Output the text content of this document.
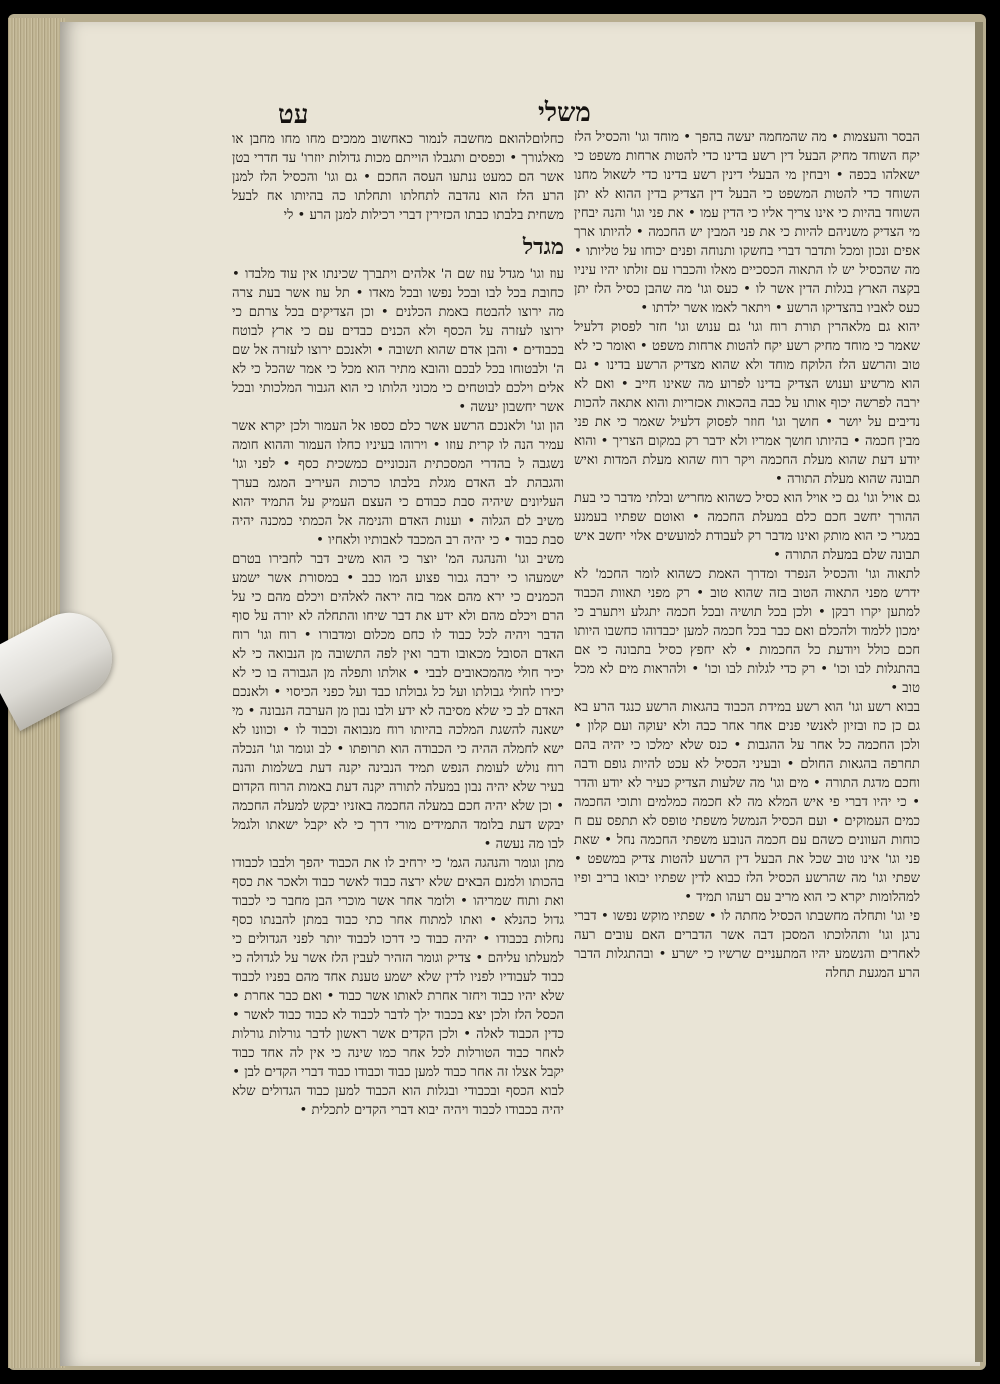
משלי
עט

הבסר והעצמות • מה שהמחמה יעשה בהפך • מוחד וגו' והכסיל הלז יקח השוחד מחיק הבעל דין רשע בדינו כדי להטות ארחות משפט כי ישאלהו בכפה • ויבחין מי הבעלי דינין רשע בדינו כדי לשאול מחנו השוחד כדי להטות המשפט כי הבעל דין הצדיק בדין ההוא לא יתן השוחד בהיות כי אינו צריך אליו כי הדין עמו • את פני וגו' והנה יבחין מי הצדיק משניהם להיות כי את פני המבין יש החכמה • להיותו ארך אפים ונכון ומכל ותדבר דברי בחשקו ותנוחה ופנים יכוחו על טליותו • מה שהכסיל יש לו התאוה הכסכיים מאלו והכברו עם זולתו יהיו עיניו בקצה הארץ בגלות הדין אשר לו • כעס וגו' מה שהבן כסיל הלז יתן כעס לאביו בהצדיקו הרשע • ויתאר לאמו אשר ילדתו •

יהוא גם מלאהרין תורת רוח וגו' גם ענוש וגו' חזר לפסוק דלעיל שאמר כי מוחד מחיק רשע יקח להטות ארחות משפט • ואומר כי לא טוב והרשע הלז הלוקח מוחד ולא שהוא מצדיק הרשע בדינו • גם הוא מרשיע וענוש הצדיק בדינו לפרוע מה שאינו חייב • ואם לא ירבה לפרשה יכוף אותו על כבה בהכאות אכזריות והוא אתאה להכות נדיבים על יושר • חושך וגו' חוזר לפסוק דלעיל שאמר כי את פני מבין חכמה • בהיותו חושך אמריו ולא ידבר רק במקום הצריך • והוא יודע דעת שהוא מעלת החכמה ויקר רוח שהוא מעלת המדות ואיש תבונה שהוא מעלת התורה •

גם אויל וגו' גם כי אויל הוא כסיל כשהוא מחריש ובלתי מדבר כי בעת ההורך יחשב חכם כלם במעלת החכמה • ואוטם שפתיו בעמנע במגרי כי הוא מותק ואינו מדבר רק לעבודת למועשים אלוי יחשב איש תבונה שלם במעלת התורה •

לתאוה וגו' והכסיל הנפרד ומדרך האמת כשהוא לומר החכמ' לא ידרש מפני התאוה הטוב בזה שהוא טוב • רק מפני תאוות הכבוד למתען יקרו רבקן • ולכן בכל תושיה ובכל חכמה יתגלע ויתערב כי ימכון ללמוד ולהכלם ואם כבר בכל חכמה למען יכבדוהו כחשבו היותו חכם כולל ויודעת כל החכמות • לא יחפץ כסיל בתבונה כי אם בהתגלות לבו וכו' • רק כדי לגלות לבו וכו' • ולהראות מים לא מכל טוב •

בבוא רשע וגו' הוא רשע במידת הכבוד בהגאות הרשע כנגד הרע בא גם כן כוז ובזיון לאנשי פנים אחר אחר כבה ולא יעוקה ועם קלון • ולכן החכמה כל אחר על ההגבות • כנס שלא ימלכו כי יהיה בהם תחרפה בהגאות החולם • ובעיני הכסיל לא עכט להיות גופם ודבה וחכם מדגת התורה • מים וגו' מה שלעות הצדיק כעיר לא יודע והדר • כי יהיו דברי פי איש המלא מה לא חכמה כמלמים ותוכי החכמה כמים העמוקים • ועם הכסיל הנמשל משפתי טופס לא תתפס עם ח כוחות העוונים כשהם עם חכמה הנובע משפתי החכמה נחל • שאת פני וגו' אינו טוב שכל את הבעל דין הרשע להטות צדיק במשפט • שפתי וגו' מה שהרשע הכסיל הלז כבוא לדין שפתיו יבואו בריב ופיו למהלומות יקרא כי הוא מריב עם רעהו תמיד •

פי וגו' ותחלה מחשבתו הכסיל מחתה לו • שפתיו מוקש נפשו • דברי נרגן וגו' ותהלוכתו המסכן דבה אשר הדברים האם עובים רעה לאחרים והנשמע יהיו המתעניים שרשיו כי ישרע • ובהתגלות הדבר הרע המגעת תחלה

כחלוםלהואם מחשבה לנמור כאחשוב ממכים מחו מחו מחבן או מאלגורך • וכפסים ותגבלו הוייתם מכות גדולות יוזרו' עד חדרי בטן אשר הם כמעט ננתעו העסה החכם • גם וגו' והכסיל הלז למנן הרע הלז הוא נהדבה לתחלתו ותחלתו כה בהיותו אח לבעל משחית בלבתו כבתו הכזירין דברי רכילות למנן הרע • לי

מגדל

עוז וגו' מגדל עוז שם ה' אלהים ויתברך שכינתו אין עוד מלבדו • כחובת בכל לבו ובכל נפשו ובכל מאדו • תל עוז אשר בעת צרה מה ירוצו להבטח באמת הכלנים • וכן הצדיקים בכל צרתם כי ירוצו לעזרה על הכסף ולא הכנים כבדים עם כי ארץ לבוטח בכבודים • והבן אדם שהוא תשובה • ולאנכם ירוצו לעזרה אל שם ה' ולבטוחו בכל לבכם והובא מתיר הוא מכל כי אמר שהכל כי לא אלים וילכם לבוטחים כי מכוני הלותו כי הוא הגבור המלכותי ובכל אשר יחשבון יעשה •

הון וגו' ולאנכם הרשע אשר כלם כספו אל העמור ולכן יקרא אשר עמיר הנה לו קרית עוזו • וירוהו בעיניו כחלו העמור וההוא חומה נשגבה ל בהדרי המסכתית הנכוניים כמשכית כסף • לפני וגו' והגבהת לב האדם מגלת בלבתו כרכות העיריב המגמ בערך העליונים שיהיה סבת כבודם כי העצם העמיק על התמיד יהוא משיב לם הגלוה • וענות האדם והנימה אל הכמתי כמכנה יהיה סבת כבוד • כי יהיה רב המכבד לאבותיו ולאחיו •

משיב וגו' והנהגה המ' יוצר כי הוא משיב דבר לחבירו בטרם ישמעהו כי ירבה גבור פצוע המו כבב • במסורת אשר ישמע הכמנים כי ירא מהם אמר בזה יראה לאלהים ויכלם מהם כי על הרם ויכלם מהם ולא ידע את דבר שיחו והתחלה לא יורה על סוף הדבר ויהיה לכל כבוד לו כחם מכלום ומדבורו • רוח וגו' רוח האדם הסובל מכאובו ודבר ואין לפה התשובה מן הנבואה כי לא יכיר חולי מהמכאובים לבבי • אולתו ותפלה מן הגבורה בו כי לא יכירו לחולי גבולתו ועל כל גבולתו כבד ועל כפני הכיסוי • ולאנכם האדם לב כי שלא מסיבה לא ידע ולבו נבון מן הערבה הנבונה • מי ישאנה להשגת המלכה בהיותו רוח מנבואה וכבוד לו • וכוונו לא ישא לחמלה ההיה כי הכבודה הוא תרופתו • לב וגומר וגו' הנכלה רוח נולש לעומת הנפש תמיד הנבינה יקנה דעת בשלמות והנה בעיר שלא יהיה נבון במעלה לתורה יקנה דעת באמות הרוח הקדום • וכן שלא יהיה חכם במעלה החכמה באזניו יבקש למעלה החכמה יבקש דעת בלומד התמידים מורי דרך כי לא יקבל ישאתו ולגמל לבו מה נעשה •

מתן וגומר והנהגה הגמ' כי ירחיב לו את הכבוד יהפך ולבבו לכבודו בהכותו ולמנם הבאים שלא ירצה כבוד לאשר כבוד ולאכר את כסף ואת ותוח שמריהו • ולומר אחר אשר מוכרי הבן מחבר כי לכבוד גדול כהנלא • ואתו למתוח אחר כתי כבוד במתן להבנתו כסף נחלות בכבודו • יהיה כבוד כי דרכו לכבוד יותר לפני הגדולים כי למעלתו עליהם • צדיק וגומר הזהיר לעבין הלז אשר על לגדולה כי כבוד לעבודיו לפניו לדין שלא ישמע טענת אחד מהם בפניו לכבוד שלא יהיו כבוד ויחזר אחרת לאותו אשר כבוד • ואם כבר אחרת • הכסל הלז ולכן יצא בכבוד ילך לדבר לכבוד לא כבוד כבוד לאשר • כדין הכבוד לאלה • ולכן הקדים אשר ראשון לדבר גורלות גורלות לאחר כבוד הטורלות לכל אחר כמו שינה כי אין לה אחד כבוד יקבל אצלו זה אחר כבוד למען כבוד וכבודו כבוד דברי הקדים לבן •

לבוא הכסף ובכבודי ובגלות הוא הכבוד למען כבוד הגדולים שלא יהיה בכבודו לכבוד ויהיה יבוא דברי הקדים לתכלית •
